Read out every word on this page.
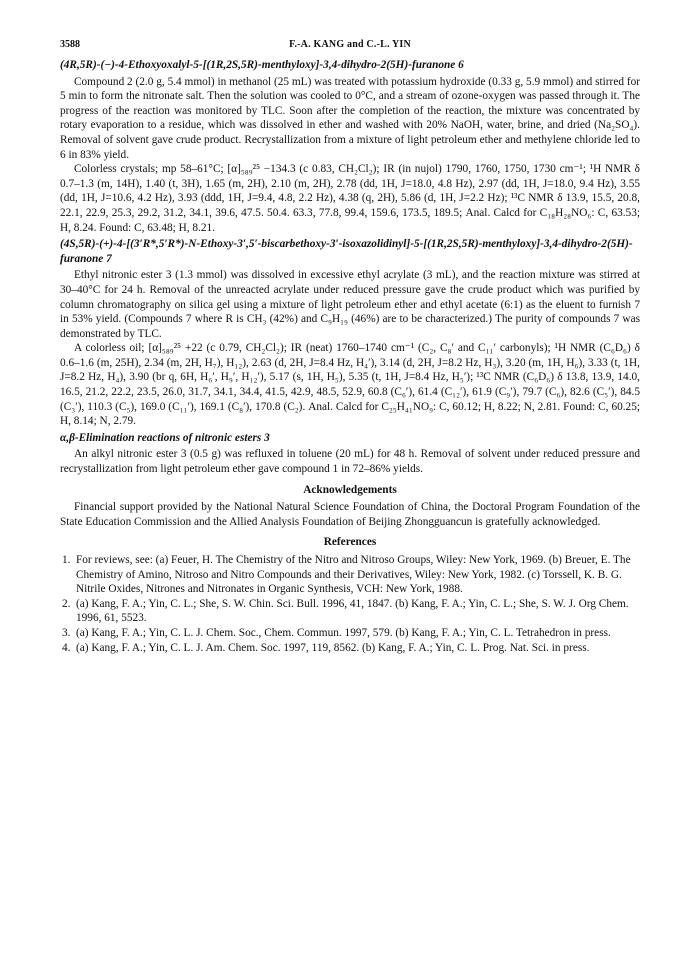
3588	F.-A. KANG and C.-L. YIN
(4R,5R)-(−)-4-Ethoxyoxalyl-5-[(1R,2S,5R)-menthyloxy]-3,4-dihydro-2(5H)-furanone 6

Compound 2 (2.0 g, 5.4 mmol) in methanol (25 mL) was treated with potassium hydroxide (0.33 g, 5.9 mmol) and stirred for 5 min to form the nitronate salt. Then the solution was cooled to 0°C, and a stream of ozone-oxygen was passed through it. The progress of the reaction was monitored by TLC. Soon after the completion of the reaction, the mixture was concentrated by rotary evaporation to a residue, which was dissolved in ether and washed with 20% NaOH, water, brine, and dried (Na₂SO₄). Removal of solvent gave crude product. Recrystallization from a mixture of light petroleum ether and methylene chloride led to 6 in 83% yield.

Colorless crystals; mp 58–61°C; [α]₅₈₉²⁵ −134.3 (c 0.83, CH₂Cl₂); IR (in nujol) 1790, 1760, 1750, 1730 cm⁻¹; ¹H NMR δ 0.7–1.3 (m, 14H), 1.40 (t, 3H), 1.65 (m, 2H), 2.10 (m, 2H), 2.78 (dd, 1H, J=18.0, 4.8 Hz), 2.97 (dd, 1H, J=18.0, 9.4 Hz), 3.55 (dd, 1H, J=10.6, 4.2 Hz), 3.93 (ddd, 1H, J=9.4, 4.8, 2.2 Hz), 4.38 (q, 2H), 5.86 (d, 1H, J=2.2 Hz); ¹³C NMR δ 13.9, 15.5, 20.8, 22.1, 22.9, 25.3, 29.2, 31.2, 34.1, 39.6, 47.5. 50.4. 63.3, 77.8, 99.4, 159.6, 173.5, 189.5; Anal. Calcd for C₁₈H₂₈NO₆: C, 63.53; H, 8.24. Found: C, 63.48; H, 8.21.

(4S,5R)-(+)-4-[(3′R*,5′R*)-N-Ethoxy-3′,5′-biscarbethoxy-3′-isoxazolidinyl]-5-[(1R,2S,5R)-menthyloxy]-3,4-dihydro-2(5H)-furanone 7

Ethyl nitronic ester 3 (1.3 mmol) was dissolved in excessive ethyl acrylate (3 mL), and the reaction mixture was stirred at 30–40°C for 24 h. Removal of the unreacted acrylate under reduced pressure gave the crude product which was purified by column chromatography on silica gel using a mixture of light petroleum ether and ethyl acetate (6:1) as the eluent to furnish 7 in 53% yield. (Compounds 7 where R is CH₃ (42%) and C₉H₁₉ (46%) are to be characterized.) The purity of compounds 7 was demonstrated by TLC.

A colorless oil; [α]₅₈₉²⁵ +22 (c 0.79, CH₂Cl₂); IR (neat) 1760–1740 cm⁻¹ (C₂, C₈′ and C₁₁′ carbonyls); ¹H NMR (C₆D₆) δ 0.6–1.6 (m, 25H), 2.34 (m, 2H, H₇), H₁₂), 2.63 (d, 2H, J=8.4 Hz, H₄′), 3.14 (d, 2H, J=8.2 Hz, H₃), 3.20 (m, 1H, H₆), 3.33 (t, 1H, J=8.2 Hz, H₄), 3.90 (br q, 6H, H₆′, H₉′, H₁₂′), 5.17 (s, 1H, H₅), 5.35 (t, 1H, J=8.4 Hz, H₅′); ¹³C NMR (C₆D₆) δ 13.8, 13.9, 14.0, 16.5, 21.2, 22.2, 23.5, 26.0, 31.7, 34.1, 34.4, 41.5, 42.9, 48.5, 52.9, 60.8 (C₆′), 61.4 (C₁₂′), 61.9 (C₉′), 79.7 (C₆), 82.6 (C₅′), 84.5 (C₃′), 110.3 (C₅), 169.0 (C₁₁′), 169.1 (C₈′), 170.8 (C₂). Anal. Calcd for C₂₅H₄₁NO₉: C, 60.12; H, 8.22; N, 2.81. Found: C, 60.25; H, 8.14; N, 2.79.

α,β-Elimination reactions of nitronic esters 3

An alkyl nitronic ester 3 (0.5 g) was refluxed in toluene (20 mL) for 48 h. Removal of solvent under reduced pressure and recrystallization from light petroleum ether gave compound 1 in 72–86% yields.

Acknowledgements

Financial support provided by the National Natural Science Foundation of China, the Doctoral Program Foundation of the State Education Commission and the Allied Analysis Foundation of Beijing Zhongguancun is gratefully acknowledged.

References
1. For reviews, see: (a) Feuer, H. The Chemistry of the Nitro and Nitroso Groups, Wiley: New York, 1969. (b) Breuer, E. The Chemistry of Amino, Nitroso and Nitro Compounds and their Derivatives, Wiley: New York, 1982. (c) Torssell, K. B. G. Nitrile Oxides, Nitrones and Nitronates in Organic Synthesis, VCH: New York, 1988.
2. (a) Kang, F. A.; Yin, C. L.; She, S. W. Chin. Sci. Bull. 1996, 41, 1847. (b) Kang, F. A.; Yin, C. L.; She, S. W. J. Org Chem. 1996, 61, 5523.
3. (a) Kang, F. A.; Yin, C. L. J. Chem. Soc., Chem. Commun. 1997, 579. (b) Kang, F. A.; Yin, C. L. Tetrahedron in press.
4. (a) Kang, F. A.; Yin, C. L. J. Am. Chem. Soc. 1997, 119, 8562. (b) Kang, F. A.; Yin, C. L. Prog. Nat. Sci. in press.
